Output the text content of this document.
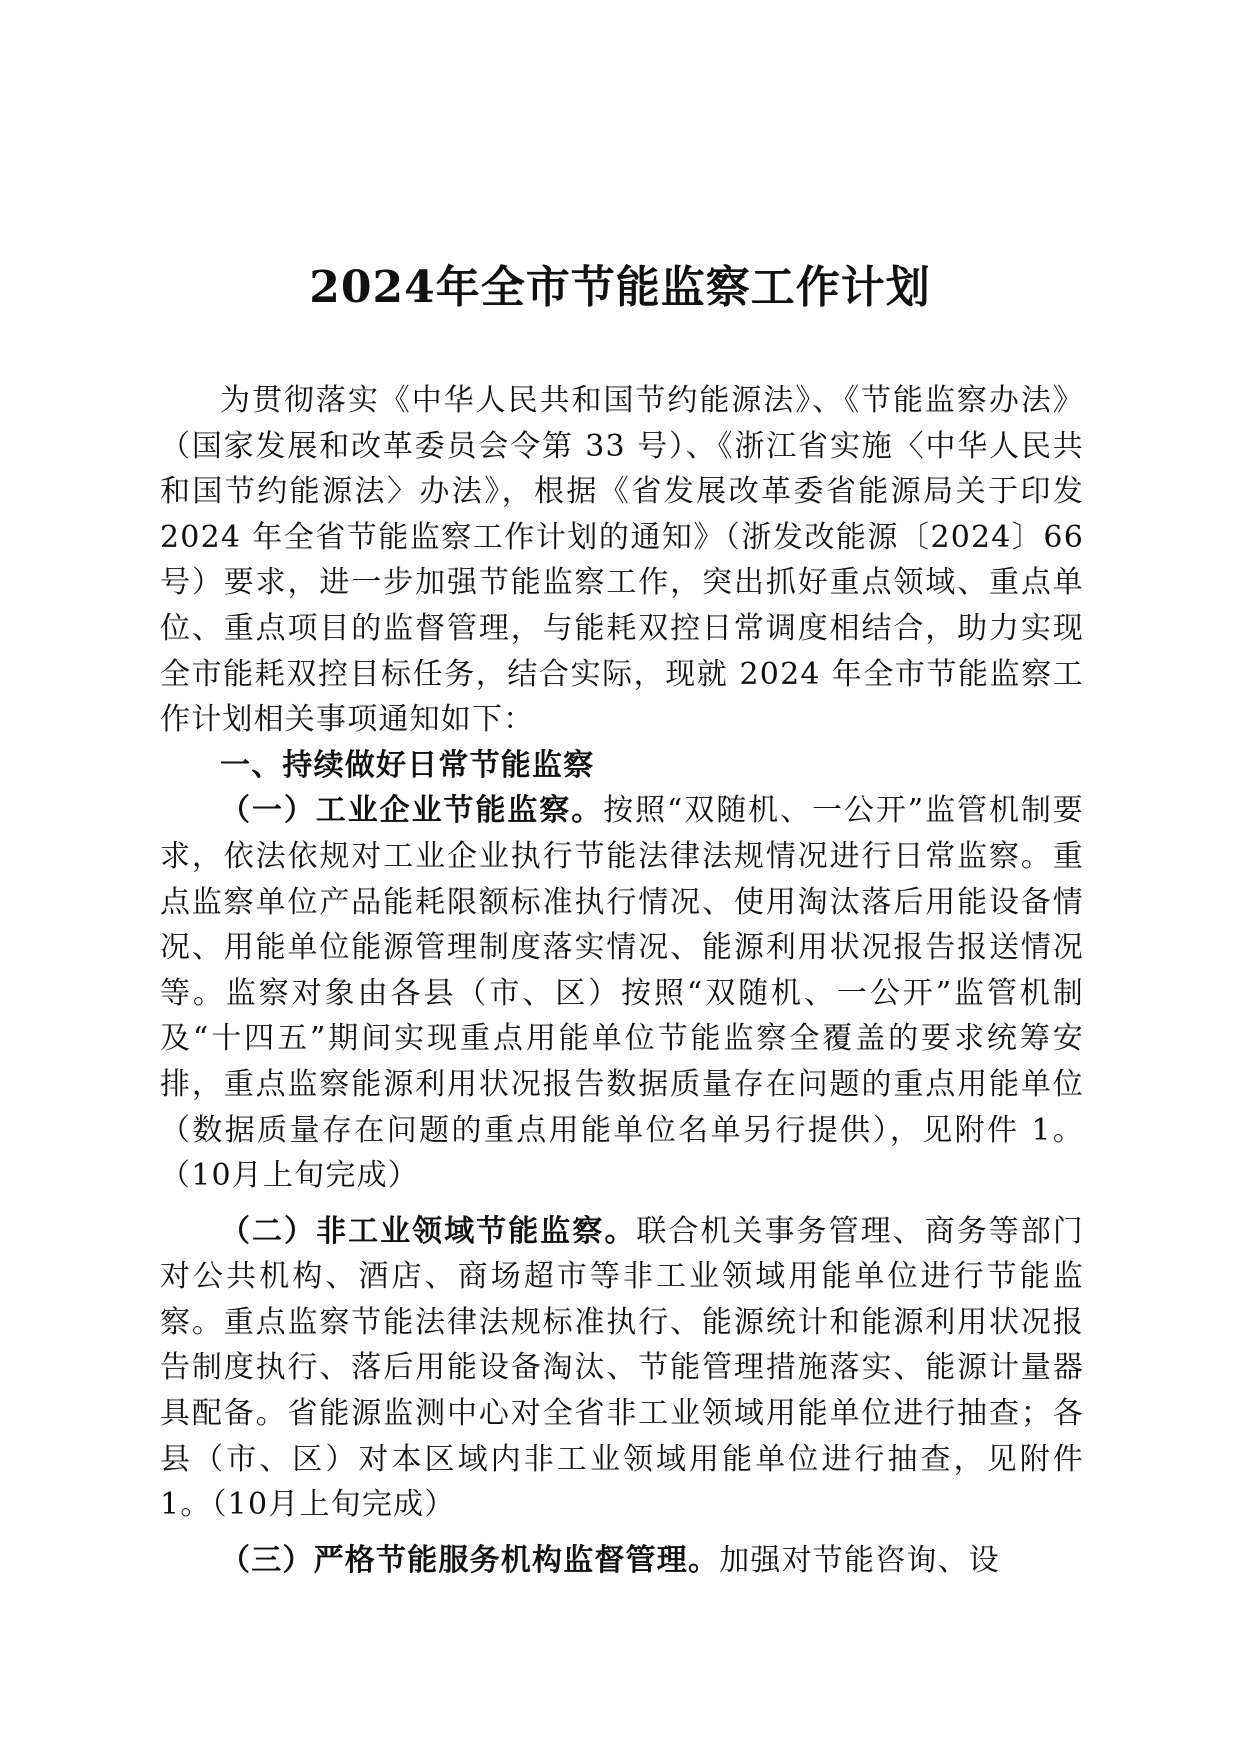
2024年全市节能监察工作计划

为贯彻落实《中华人民共和国节约能源法》、《节能监察办法》（国家发展和改革委员会令第 33 号）、《浙江省实施〈中华人民共和国节约能源法〉办法》，根据《省发展改革委省能源局关于印发 2024 年全省节能监察工作计划的通知》（浙发改能源〔2024〕66 号）要求，进一步加强节能监察工作，突出抓好重点领域、重点单位、重点项目的监督管理，与能耗双控日常调度相结合，助力实现全市能耗双控目标任务，结合实际，现就 2024 年全市节能监察工作计划相关事项通知如下：

一、持续做好日常节能监察

（一）工业企业节能监察。按照“双随机、一公开”监管机制要求，依法依规对工业企业执行节能法律法规情况进行日常监察。重点监察单位产品能耗限额标准执行情况、使用淘汰落后用能设备情况、用能单位能源管理制度落实情况、能源利用状况报告报送情况等。监察对象由各县（市、区）按照“双随机、一公开”监管机制及“十四五”期间实现重点用能单位节能监察全覆盖的要求统筹安排，重点监察能源利用状况报告数据质量存在问题的重点用能单位（数据质量存在问题的重点用能单位名单另行提供），见附件 1。（10月上旬完成）

（二）非工业领域节能监察。联合机关事务管理、商务等部门对公共机构、酒店、商场超市等非工业领域用能单位进行节能监察。重点监察节能法律法规标准执行、能源统计和能源利用状况报告制度执行、落后用能设备淘汰、节能管理措施落实、能源计量器具配备。省能源监测中心对全省非工业领域用能单位进行抽查；各县（市、区）对本区域内非工业领域用能单位进行抽查，见附件 1。（10月上旬完成）

（三）严格节能服务机构监督管理。加强对节能咨询、设
